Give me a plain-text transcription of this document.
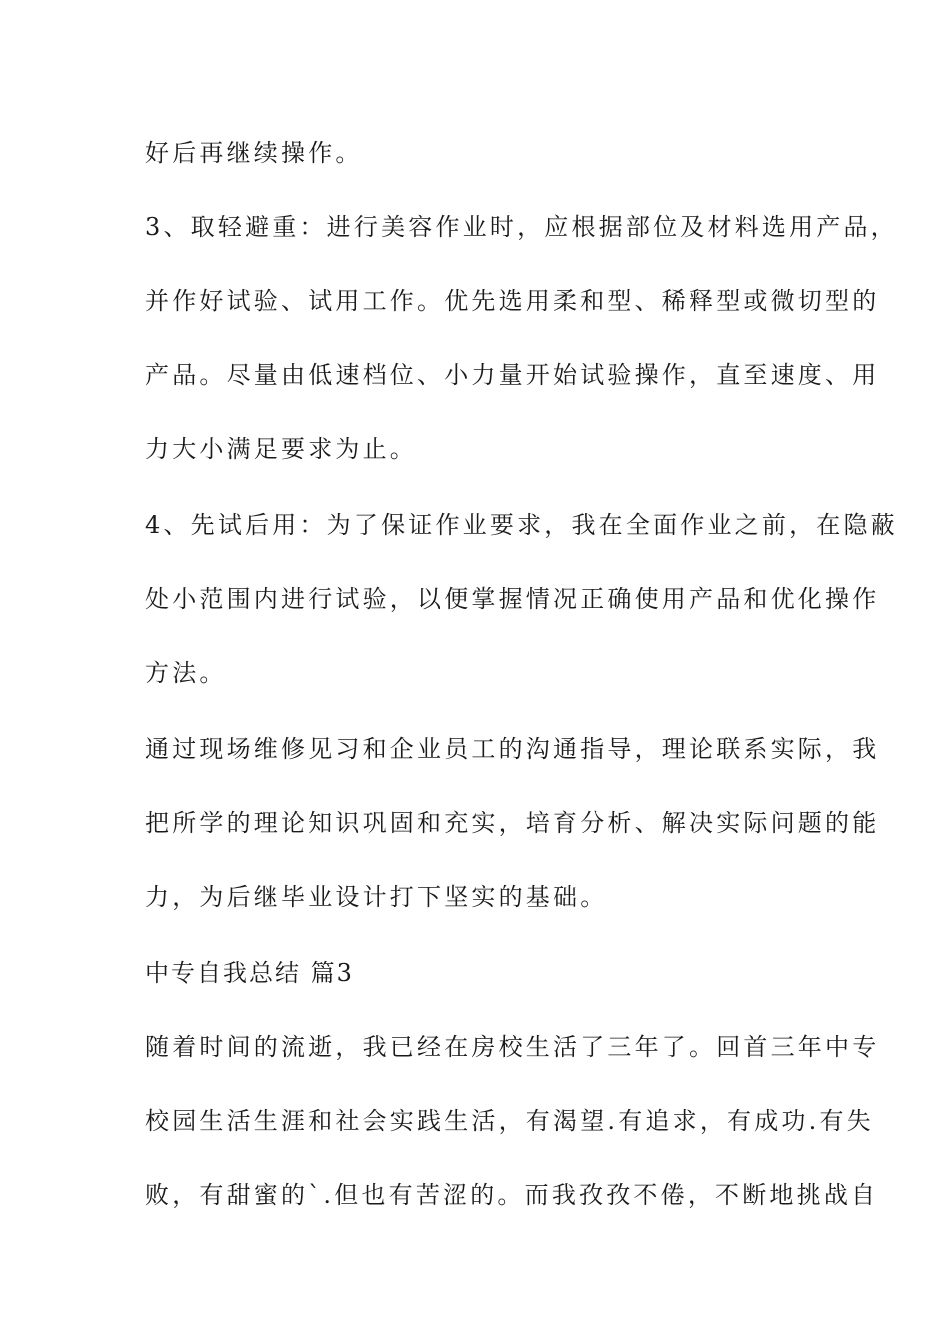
好后再继续操作。
3、取轻避重：进行美容作业时，应根据部位及材料选用产品，
并作好试验、试用工作。优先选用柔和型、稀释型或微切型的
产品。尽量由低速档位、小力量开始试验操作，直至速度、用
力大小满足要求为止。
4、先试后用：为了保证作业要求，我在全面作业之前，在隐蔽
处小范围内进行试验，以便掌握情况正确使用产品和优化操作
方法。
通过现场维修见习和企业员工的沟通指导，理论联系实际，我
把所学的理论知识巩固和充实，培育分析、解决实际问题的能
力，为后继毕业设计打下坚实的基础。
中专自我总结 篇3
随着时间的流逝，我已经在房校生活了三年了。回首三年中专
校园生活生涯和社会实践生活，有渴望.有追求，有成功.有失
败，有甜蜜的`.但也有苦涩的。而我孜孜不倦，不断地挑战自
